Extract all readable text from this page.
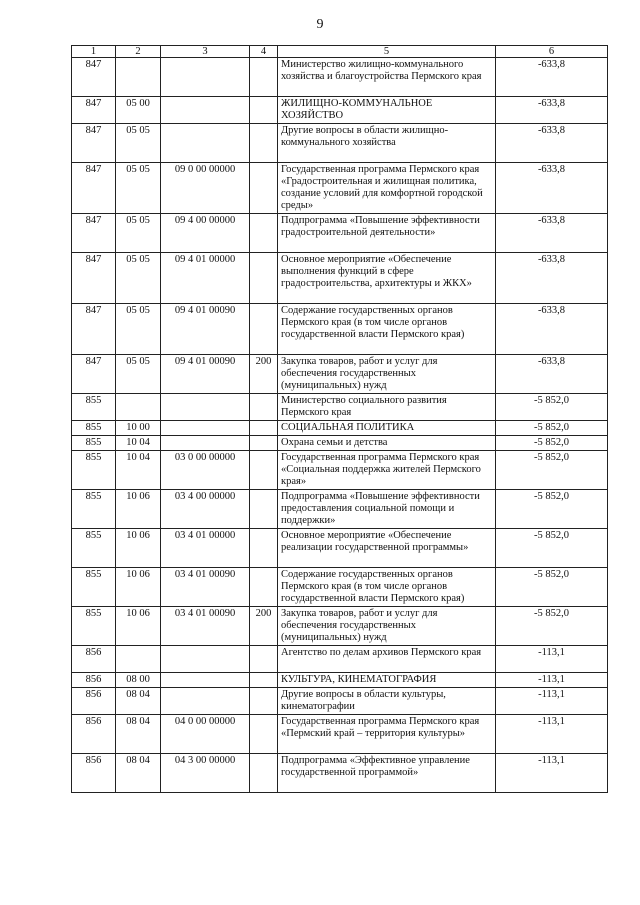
9
1	2	3	4	5	6
847				Министерство жилищно-коммунального хозяйства и благоустройства Пермского края	-633,8
847	05 00			ЖИЛИЩНО-КОММУНАЛЬНОЕ ХОЗЯЙСТВО	-633,8
847	05 05			Другие вопросы в области жилищно-коммунального хозяйства	-633,8
847	05 05	09 0 00 00000		Государственная программа Пермского края «Градостроительная и жилищная политика, создание условий для комфортной городской среды»	-633,8
847	05 05	09 4 00 00000		Подпрограмма «Повышение эффективности градостроительной деятельности»	-633,8
847	05 05	09 4 01 00000		Основное мероприятие «Обеспечение выполнения функций в сфере градостроительства, архитектуры и ЖКХ»	-633,8
847	05 05	09 4 01 00090		Содержание государственных органов Пермского края (в том числе органов государственной власти Пермского края)	-633,8
847	05 05	09 4 01 00090	200	Закупка товаров, работ и услуг для обеспечения государственных (муниципальных) нужд	-633,8
855				Министерство социального развития Пермского края	-5 852,0
855	10 00			СОЦИАЛЬНАЯ ПОЛИТИКА	-5 852,0
855	10 04			Охрана семьи и детства	-5 852,0
855	10 04	03 0 00 00000		Государственная программа Пермского края «Социальная поддержка жителей Пермского края»	-5 852,0
855	10 06	03 4 00 00000		Подпрограмма «Повышение эффективности предоставления социальной помощи и поддержки»	-5 852,0
855	10 06	03 4 01 00000		Основное мероприятие «Обеспечение реализации государственной программы»	-5 852,0
855	10 06	03 4 01 00090		Содержание государственных органов Пермского края (в том числе органов государственной власти Пермского края)	-5 852,0
855	10 06	03 4 01 00090	200	Закупка товаров, работ и услуг для обеспечения государственных (муниципальных) нужд	-5 852,0
856				Агентство по делам архивов Пермского края	-113,1
856	08 00			КУЛЬТУРА, КИНЕМАТОГРАФИЯ	-113,1
856	08 04			Другие вопросы в области культуры, кинематографии	-113,1
856	08 04	04 0 00 00000		Государственная программа Пермского края «Пермский край – территория культуры»	-113,1
856	08 04	04 3 00 00000		Подпрограмма «Эффективное управление государственной программой»	-113,1
